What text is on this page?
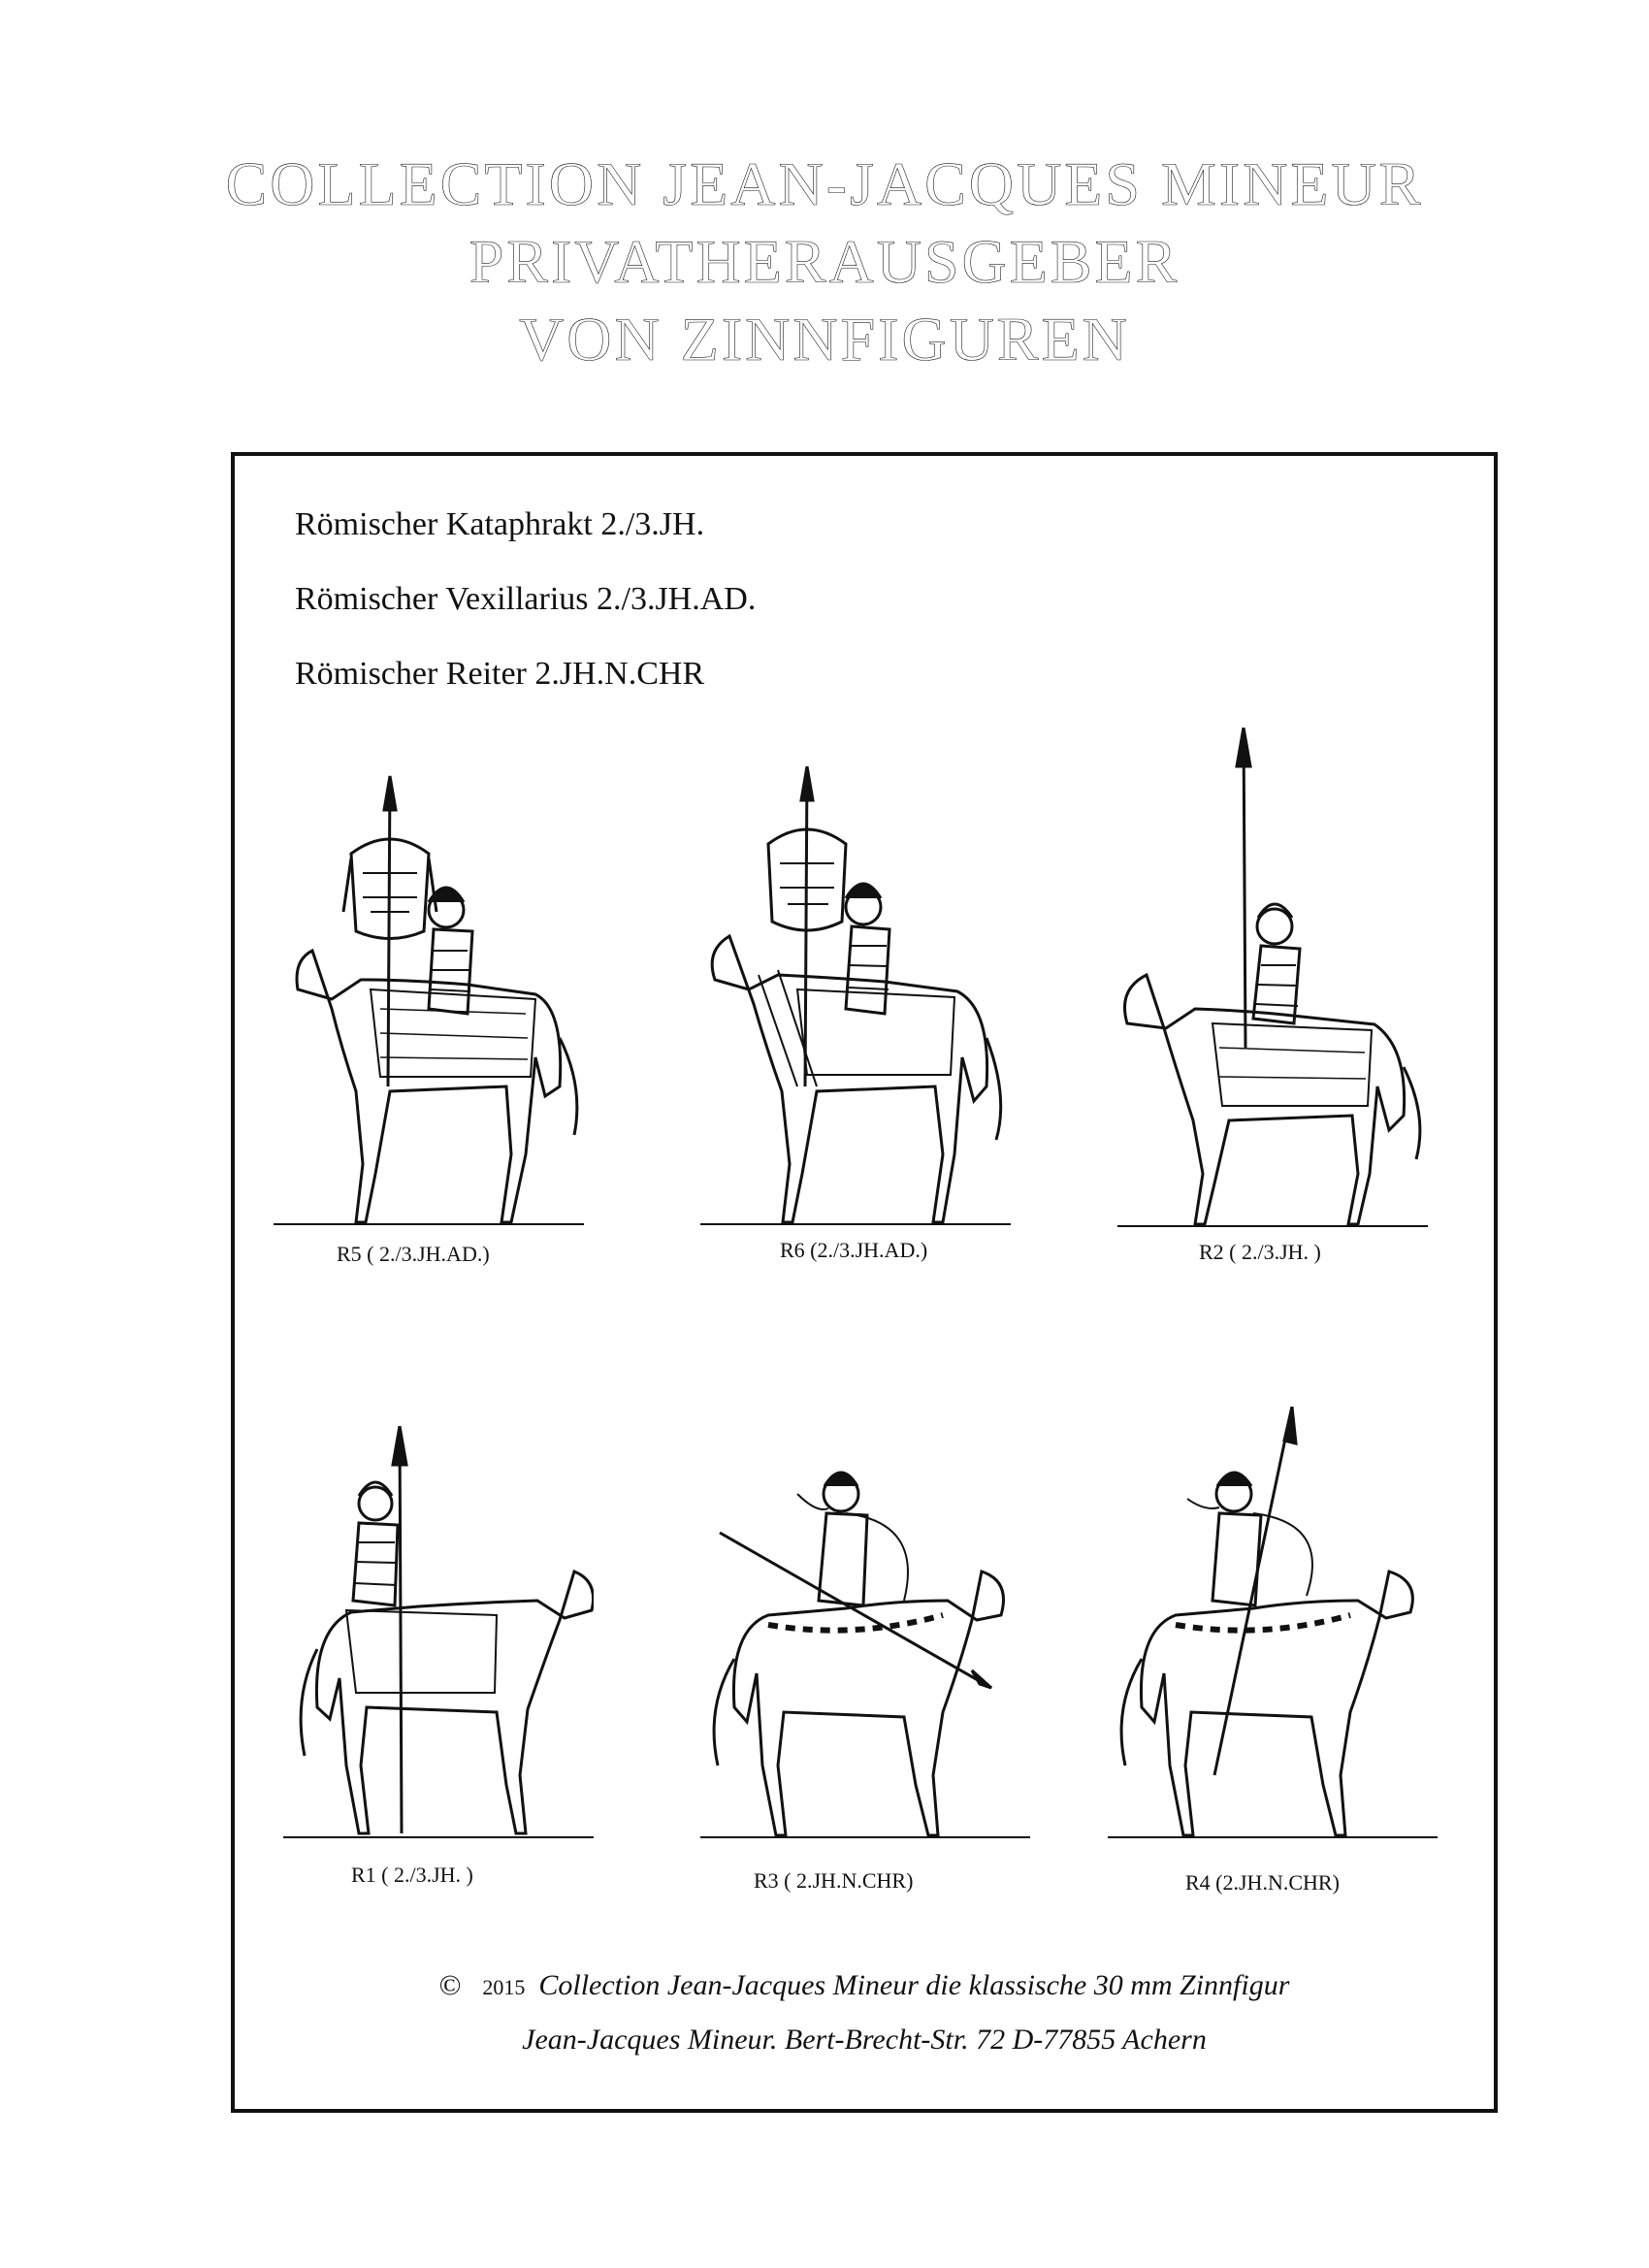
COLLECTION JEAN-JACQUES MINEUR
PRIVATHERAUSGEBER
VON ZINNFIGUREN
Römischer Kataphrakt 2./3.JH.
Römischer Vexillarius 2./3.JH.AD.
Römischer Reiter 2.JH.N.CHR
R5 ( 2./3.JH.AD.)	R6 (2./3.JH.AD.)	R2 ( 2./3.JH. )
R1 ( 2./3.JH. )	R3 ( 2.JH.N.CHR)	R4 (2.JH.N.CHR)
© 2015 Collection Jean-Jacques Mineur die klassische 30 mm Zinnfigur
Jean-Jacques Mineur. Bert-Brecht-Str. 72 D-77855 Achern
